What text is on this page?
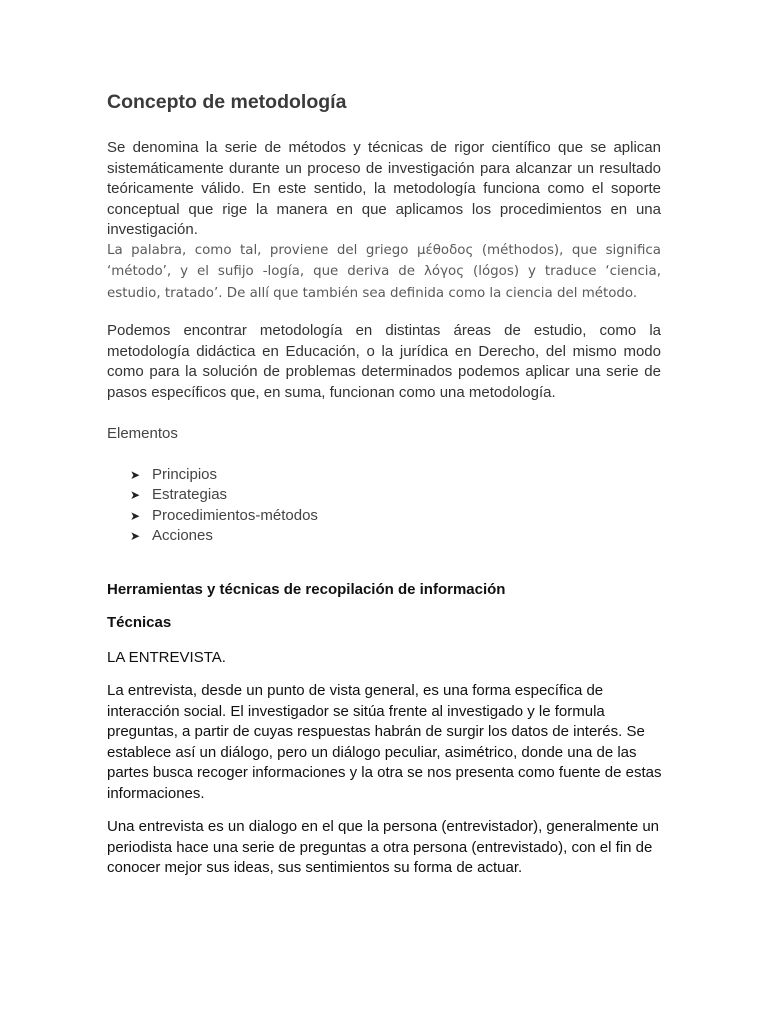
Concepto de metodología

Se denomina la serie de métodos y técnicas de rigor científico que se aplican sistemáticamente durante un proceso de investigación para alcanzar un resultado teóricamente válido. En este sentido, la metodología funciona como el soporte conceptual que rige la manera en que aplicamos los procedimientos en una investigación.

La palabra, como tal, proviene del griego μέθοδος (méthodos), que significa ‘método’, y el sufijo -logía, que deriva de λόγος (lógos) y traduce ‘ciencia, estudio, tratado’. De allí que también sea definida como la ciencia del método.

Podemos encontrar metodología en distintas áreas de estudio, como la metodología didáctica en Educación, o la jurídica en Derecho, del mismo modo como para la solución de problemas determinados podemos aplicar una serie de pasos específicos que, en suma, funcionan como una metodología.

Elementos

➤ Principios
➤ Estrategias
➤ Procedimientos-métodos
➤ Acciones
Herramientas y técnicas de recopilación de información
Técnicas

LA ENTREVISTA.

La entrevista, desde un punto de vista general, es una forma específica de interacción social. El investigador se sitúa frente al investigado y le formula preguntas, a partir de cuyas respuestas habrán de surgir los datos de interés. Se establece así un diálogo, pero un diálogo peculiar, asimétrico, donde una de las partes busca recoger informaciones y la otra se nos presenta como fuente de estas informaciones.

Una entrevista es un dialogo en el que la persona (entrevistador), generalmente un periodista hace una serie de preguntas a otra persona (entrevistado), con el fin de conocer mejor sus ideas, sus sentimientos su forma de actuar.
